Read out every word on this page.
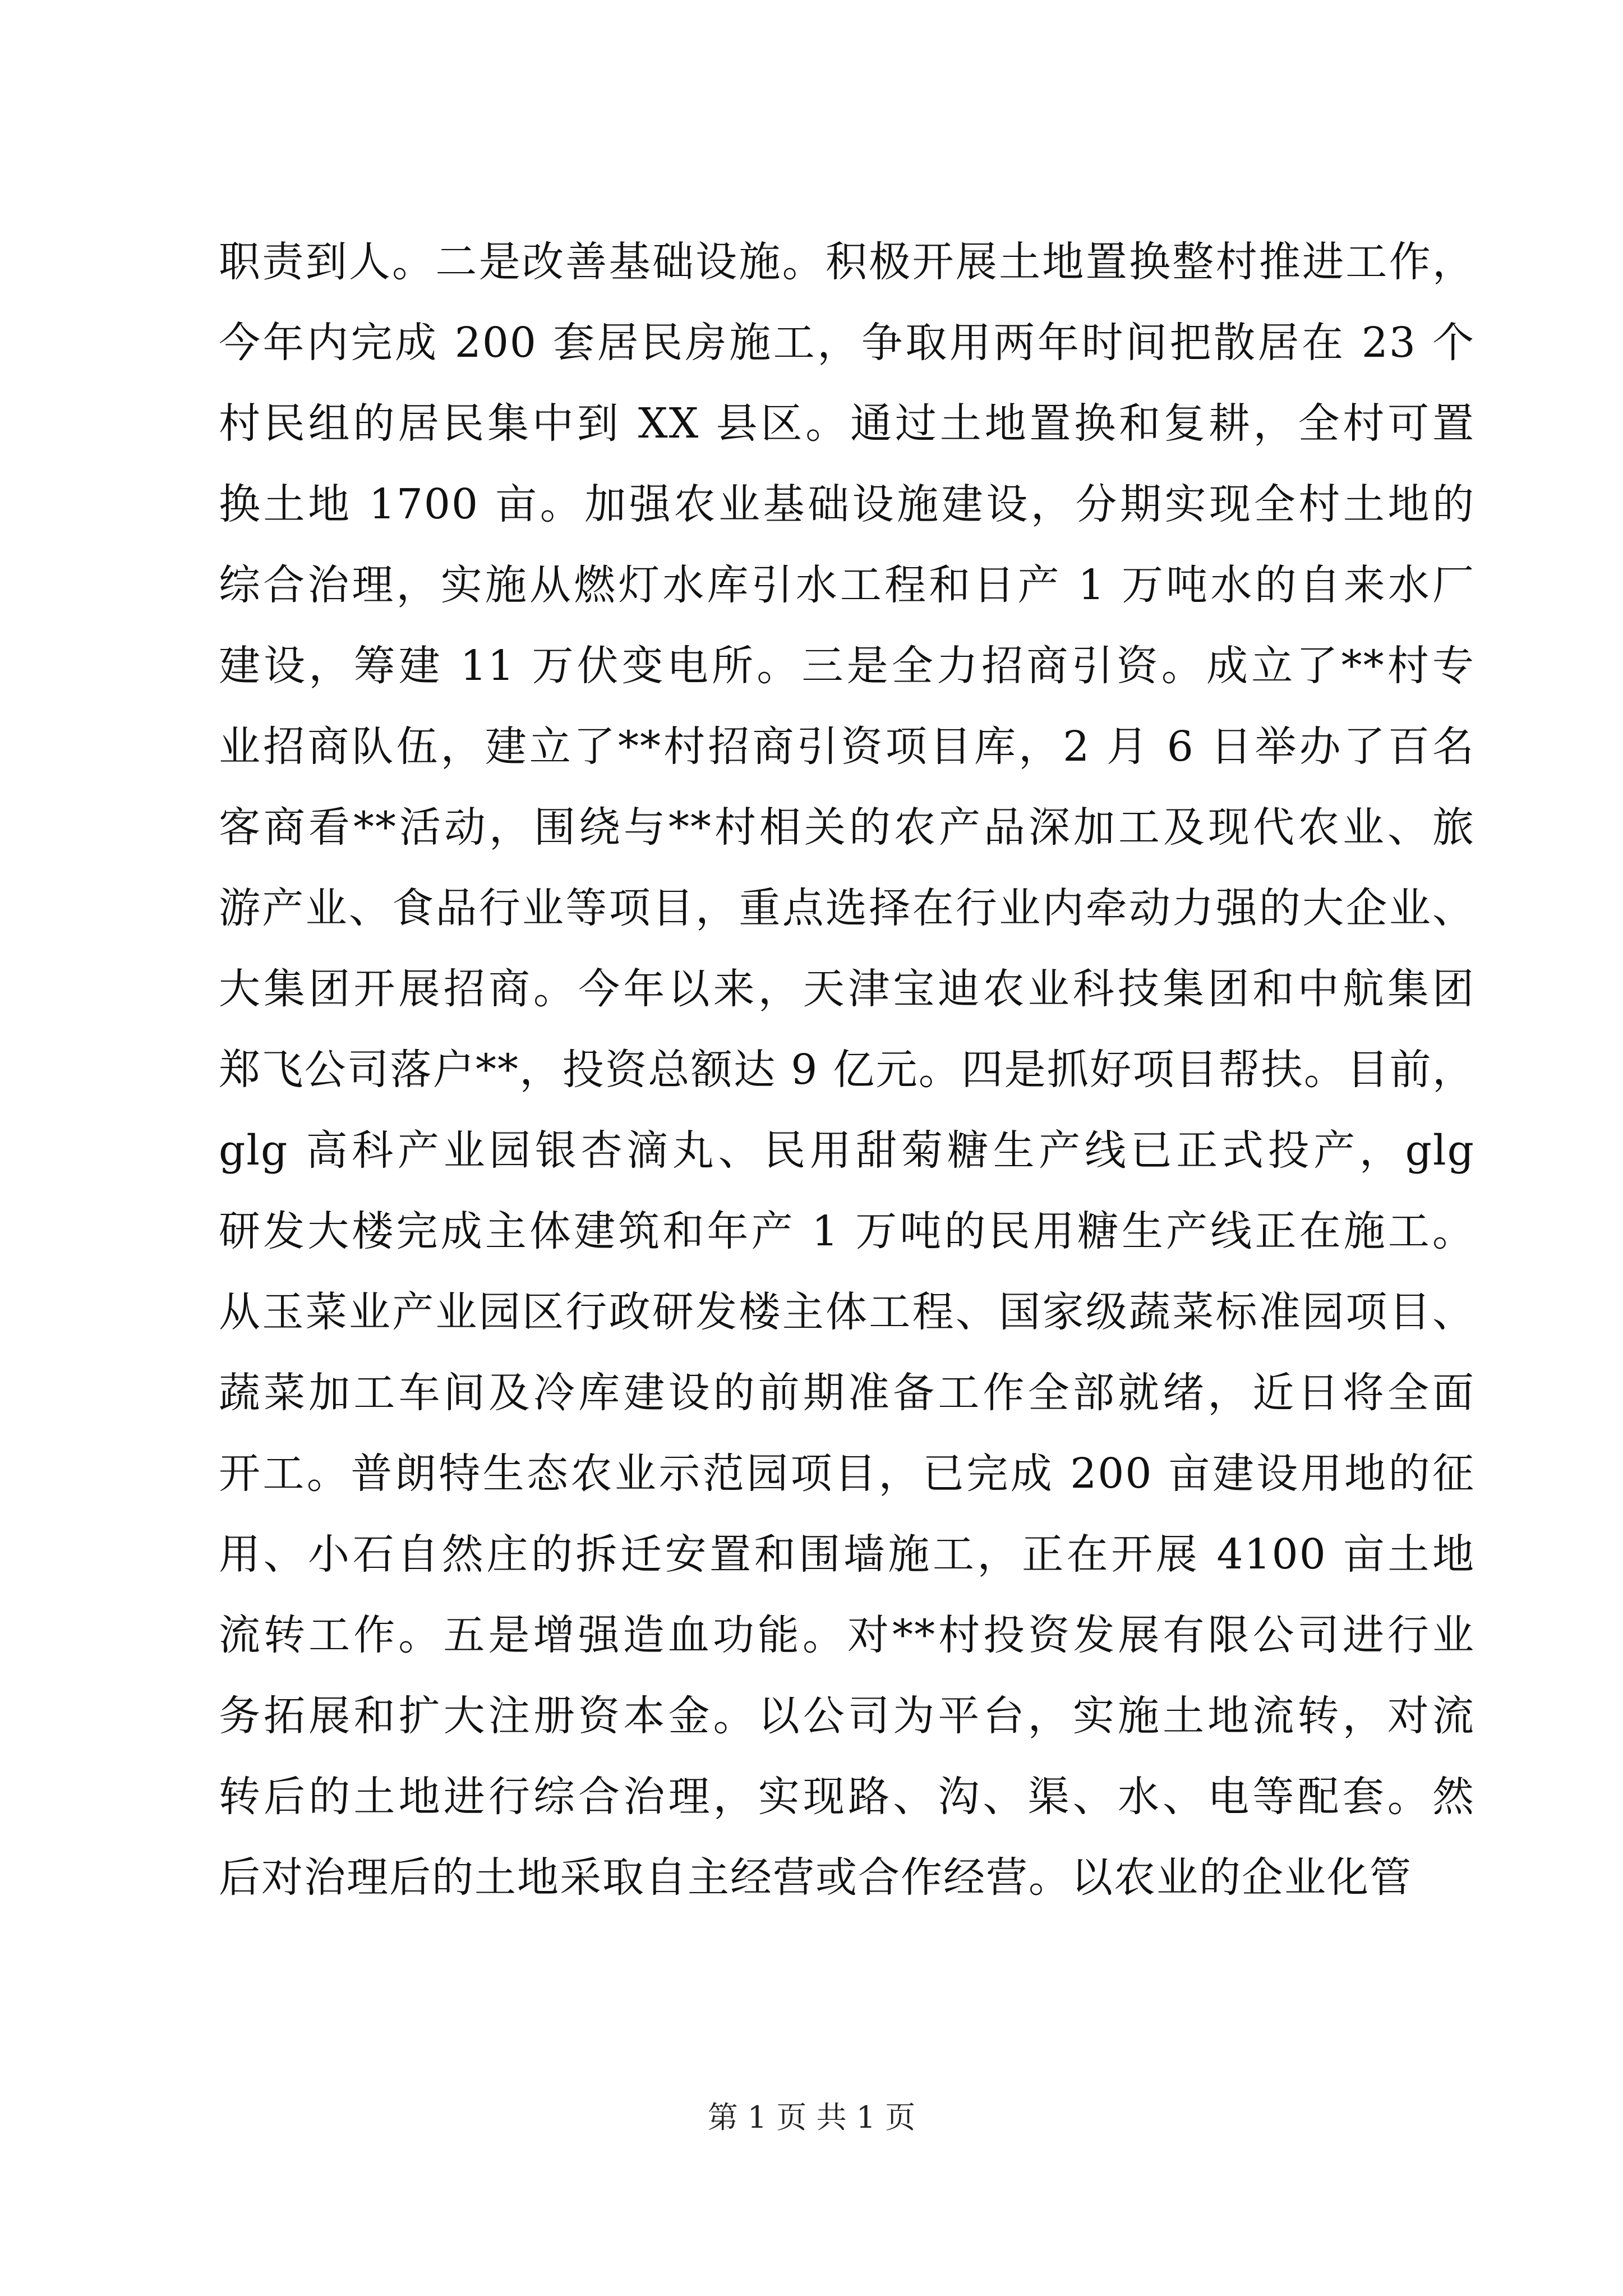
职责到人。二是改善基础设施。积极开展土地置换整村推进工作，
今年内完成 200 套居民房施工，争取用两年时间把散居在 23 个
村民组的居民集中到 XX 县区。通过土地置换和复耕，全村可置
换土地 1700 亩。加强农业基础设施建设，分期实现全村土地的
综合治理，实施从燃灯水库引水工程和日产 1 万吨水的自来水厂
建设，筹建 11 万伏变电所。三是全力招商引资。成立了**村专
业招商队伍，建立了**村招商引资项目库，2 月 6 日举办了百名
客商看**活动，围绕与**村相关的农产品深加工及现代农业、旅
游产业、食品行业等项目，重点选择在行业内牵动力强的大企业、
大集团开展招商。今年以来，天津宝迪农业科技集团和中航集团
郑飞公司落户**，投资总额达 9 亿元。四是抓好项目帮扶。目前，
glg 高科产业园银杏滴丸、民用甜菊糖生产线已正式投产，glg
研发大楼完成主体建筑和年产 1 万吨的民用糖生产线正在施工。
从玉菜业产业园区行政研发楼主体工程、国家级蔬菜标准园项目、
蔬菜加工车间及冷库建设的前期准备工作全部就绪，近日将全面
开工。普朗特生态农业示范园项目，已完成 200 亩建设用地的征
用、小石自然庄的拆迁安置和围墙施工，正在开展 4100 亩土地
流转工作。五是增强造血功能。对**村投资发展有限公司进行业
务拓展和扩大注册资本金。以公司为平台，实施土地流转，对流
转后的土地进行综合治理，实现路、沟、渠、水、电等配套。然
后对治理后的土地采取自主经营或合作经营。以农业的企业化管
第 1 页 共 1 页
